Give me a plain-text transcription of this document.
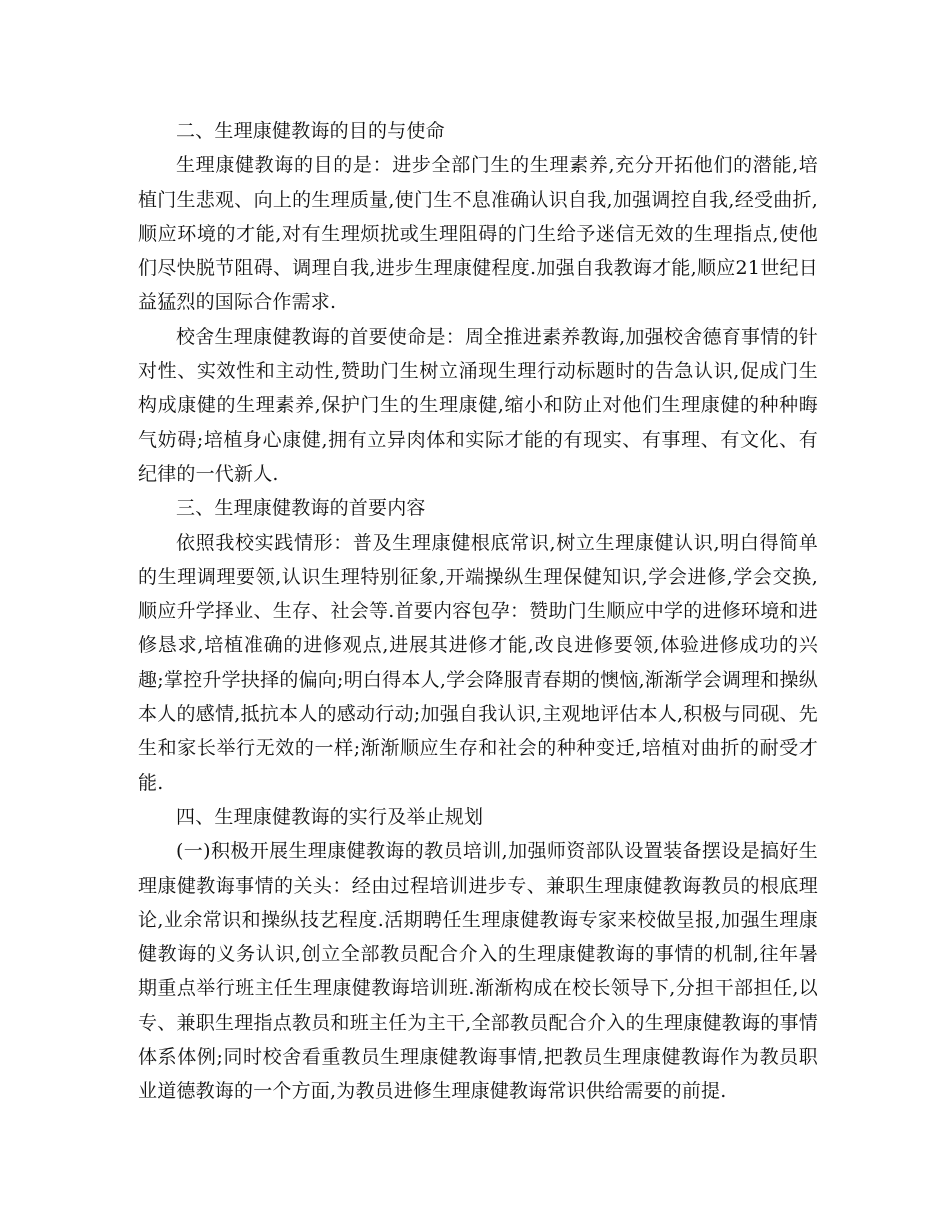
二、生理康健教诲的目的与使命

生理康健教诲的目的是：进步全部门生的生理素养,充分开拓他们的潜能,培植门生悲观、向上的生理质量,使门生不息准确认识自我,加强调控自我,经受曲折,顺应环境的才能,对有生理烦扰或生理阻碍的门生给予迷信无效的生理指点,使他们尽快脱节阻碍、调理自我,进步生理康健程度.加强自我教诲才能,顺应21世纪日益猛烈的国际合作需求.

校舍生理康健教诲的首要使命是：周全推进素养教诲,加强校舍德育事情的针对性、实效性和主动性,赞助门生树立涌现生理行动标题时的告急认识,促成门生构成康健的生理素养,保护门生的生理康健,缩小和防止对他们生理康健的种种晦气妨碍;培植身心康健,拥有立异肉体和实际才能的有现实、有事理、有文化、有纪律的一代新人.

三、生理康健教诲的首要内容

依照我校实践情形：普及生理康健根底常识,树立生理康健认识,明白得简单的生理调理要领,认识生理特别征象,开端操纵生理保健知识,学会进修,学会交换,顺应升学择业、生存、社会等.首要内容包孕：赞助门生顺应中学的进修环境和进修恳求,培植准确的进修观点,进展其进修才能,改良进修要领,体验进修成功的兴趣;掌控升学抉择的偏向;明白得本人,学会降服青春期的懊恼,渐渐学会调理和操纵本人的感情,抵抗本人的感动行动;加强自我认识,主观地评估本人,积极与同砚、先生和家长举行无效的一样;渐渐顺应生存和社会的种种变迁,培植对曲折的耐受才能.

四、生理康健教诲的实行及举止规划

(一)积极开展生理康健教诲的教员培训,加强师资部队设置装备摆设是搞好生理康健教诲事情的关头：经由过程培训进步专、兼职生理康健教诲教员的根底理论,业余常识和操纵技艺程度.活期聘任生理康健教诲专家来校做呈报,加强生理康健教诲的义务认识,创立全部教员配合介入的生理康健教诲的事情的机制,往年暑期重点举行班主任生理康健教诲培训班.渐渐构成在校长领导下,分担干部担任,以专、兼职生理指点教员和班主任为主干,全部教员配合介入的生理康健教诲的事情体系体例;同时校舍看重教员生理康健教诲事情,把教员生理康健教诲作为教员职业道德教诲的一个方面,为教员进修生理康健教诲常识供给需要的前提.
